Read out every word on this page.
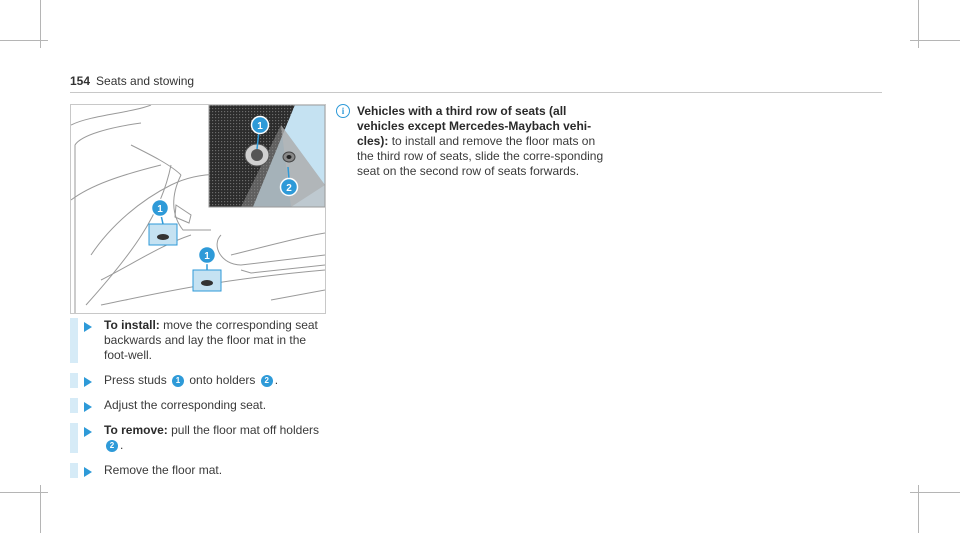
154 Seats and stowing
1
2
1
1
To install: move the corresponding seat backwards and lay the floor mat in the foot-well.
Press studs 1 onto holders 2 .
Adjust the corresponding seat.
To remove: pull the floor mat off holders 2 .
Remove the floor mat.
i	Vehicles with a third row of seats (all vehicles except Mercedes-Maybach vehi-cles): to install and remove the floor mats on the third row of seats, slide the corre-sponding seat on the second row of seats forwards.
